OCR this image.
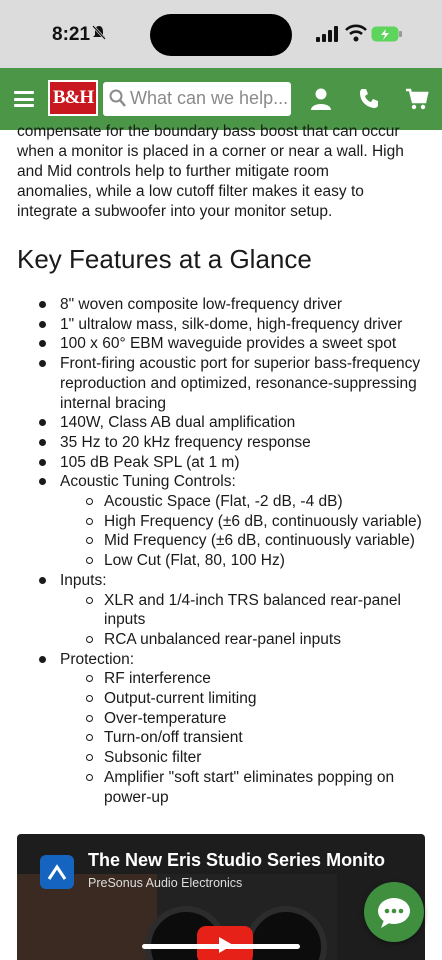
8:21
B&H What can we help...

compensate for the boundary bass boost that can occur
when a monitor is placed in a corner or near a wall. High
and Mid controls help to further mitigate room
anomalies, while a low cutoff filter makes it easy to
integrate a subwoofer into your monitor setup.

Key Features at a Glance
8" woven composite low-frequency driver
1" ultralow mass, silk-dome, high-frequency driver
100 x 60° EBM waveguide provides a sweet spot
Front-firing acoustic port for superior bass-frequency reproduction and optimized, resonance-suppressing internal bracing
140W, Class AB dual amplification
35 Hz to 20 kHz frequency response
105 dB Peak SPL (at 1 m)
Acoustic Tuning Controls:
Acoustic Space (Flat, -2 dB, -4 dB)
High Frequency (±6 dB, continuously variable)
Mid Frequency (±6 dB, continuously variable)
Low Cut (Flat, 80, 100 Hz)
Inputs:
XLR and 1/4-inch TRS balanced rear-panel inputs
RCA unbalanced rear-panel inputs
Protection:
RF interference
Output-current limiting
Over-temperature
Turn-on/off transient
Subsonic filter
Amplifier "soft start" eliminates popping on power-up
The New Eris Studio Series Monito
PreSonus Audio Electronics
